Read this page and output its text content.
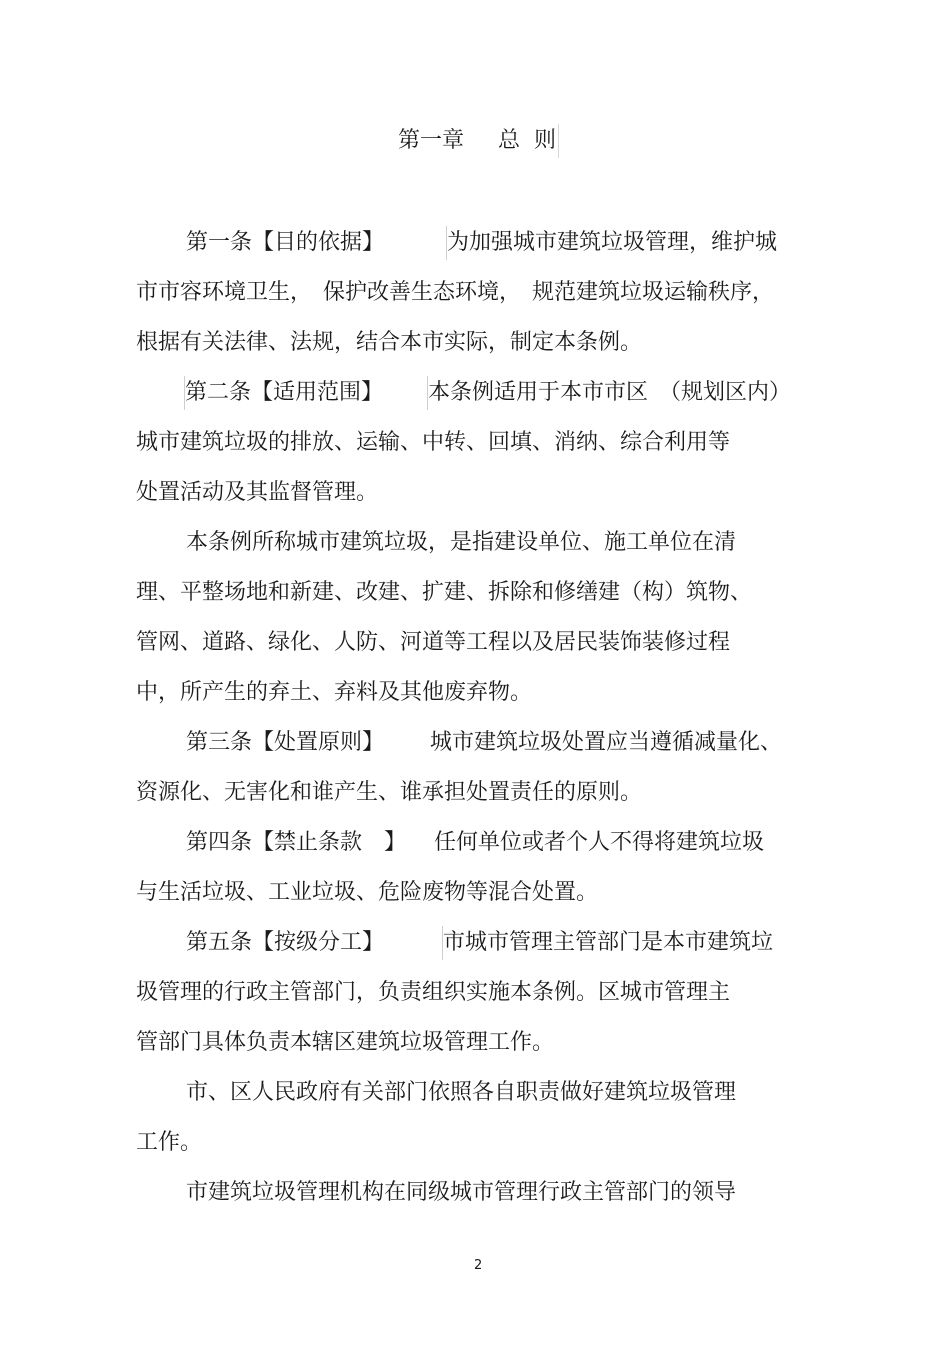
第一章 总 则
第一条【目的依据】	为加强城市建筑垃圾管理，维护城
市市容环境卫生，　保护改善生态环境，　规范建筑垃圾运输秩序，
根据有关法律、法规，结合本市实际，制定本条例。
第二条【适用范围】 本条例适用于本市市区　（规划区内）
城市建筑垃圾的排放、运输、中转、回填、消纳、综合利用等
处置活动及其监督管理。
本条例所称城市建筑垃圾，是指建设单位、施工单位在清
理、平整场地和新建、改建、扩建、拆除和修缮建（构）筑物、
管网、道路、绿化、人防、河道等工程以及居民装饰装修过程
中，所产生的弃土、弃料及其他废弃物。
第三条【处置原则】 城市建筑垃圾处置应当遵循减量化、
资源化、无害化和谁产生、谁承担处置责任的原则。
第四条【禁止条款　】 任何单位或者个人不得将建筑垃圾
与生活垃圾、工业垃圾、危险废物等混合处置。
第五条【按级分工】	市城市管理主管部门是本市建筑垃
圾管理的行政主管部门，负责组织实施本条例。区城市管理主
管部门具体负责本辖区建筑垃圾管理工作。
市、区人民政府有关部门依照各自职责做好建筑垃圾管理
工作。
市建筑垃圾管理机构在同级城市管理行政主管部门的领导
2
